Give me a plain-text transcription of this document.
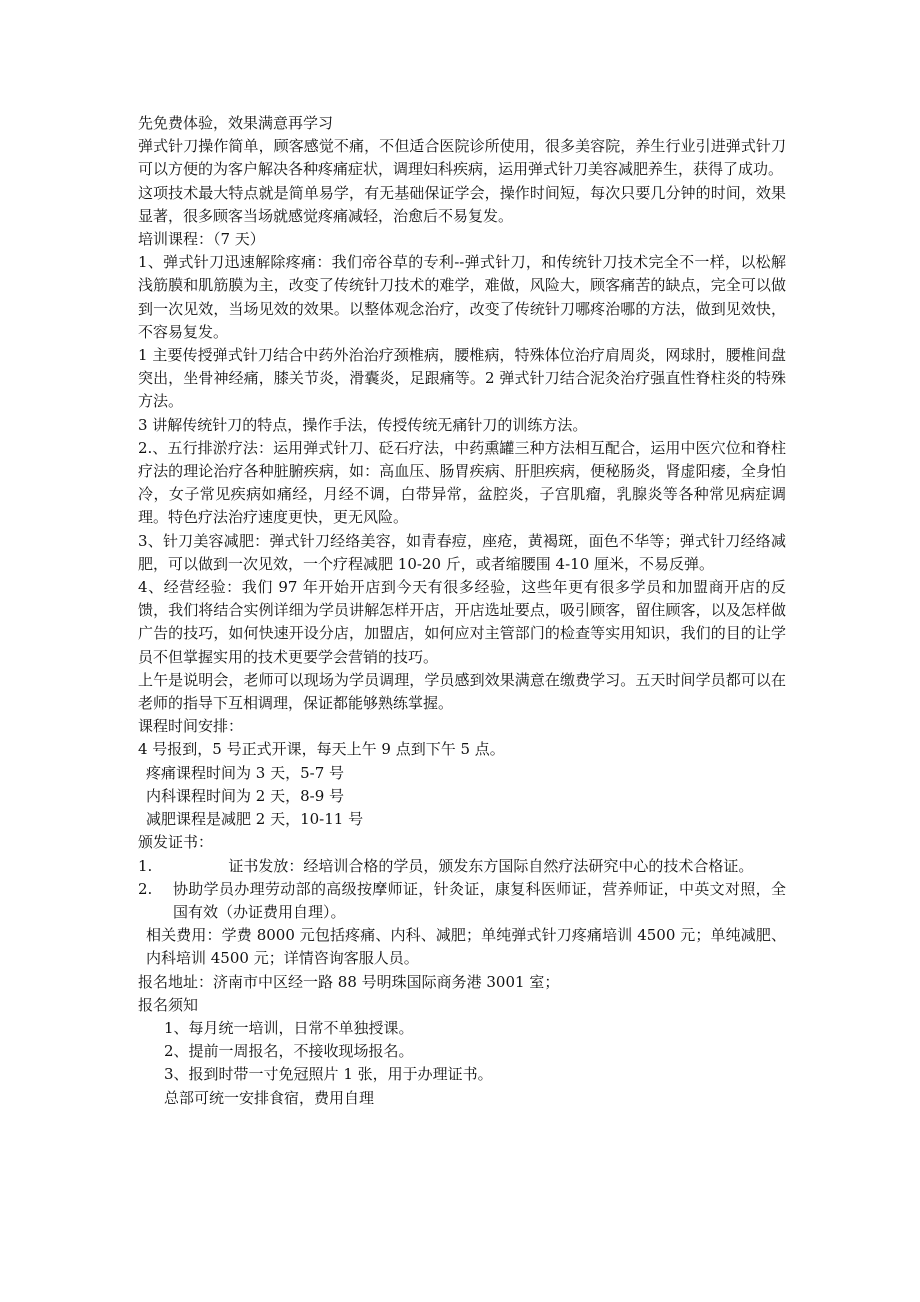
先免费体验，效果满意再学习

弹式针刀操作简单，顾客感觉不痛，不但适合医院诊所使用，很多美容院，养生行业引进弹式针刀可以方便的为客户解决各种疼痛症状，调理妇科疾病，运用弹式针刀美容减肥养生，获得了成功。

这项技术最大特点就是简单易学，有无基础保证学会，操作时间短，每次只要几分钟的时间，效果显著，很多顾客当场就感觉疼痛减轻，治愈后不易复发。

培训课程：（7 天）

1、弹式针刀迅速解除疼痛：我们帝谷草的专利--弹式针刀，和传统针刀技术完全不一样，以松解浅筋膜和肌筋膜为主，改变了传统针刀技术的难学，难做，风险大，顾客痛苦的缺点，完全可以做到一次见效，当场见效的效果。以整体观念治疗，改变了传统针刀哪疼治哪的方法，做到见效快，不容易复发。

1 主要传授弹式针刀结合中药外治治疗颈椎病，腰椎病，特殊体位治疗肩周炎，网球肘，腰椎间盘突出，坐骨神经痛，膝关节炎，滑囊炎，足跟痛等。2 弹式针刀结合泥灸治疗强直性脊柱炎的特殊方法。

3 讲解传统针刀的特点，操作手法，传授传统无痛针刀的训练方法。

2.、五行排淤疗法：运用弹式针刀、砭石疗法，中药熏罐三种方法相互配合，运用中医穴位和脊柱疗法的理论治疗各种脏腑疾病，如：高血压、肠胃疾病、肝胆疾病，便秘肠炎，肾虚阳痿，全身怕冷，女子常见疾病如痛经，月经不调，白带异常，盆腔炎，子宫肌瘤，乳腺炎等各种常见病症调理。特色疗法治疗速度更快，更无风险。

3、针刀美容减肥：弹式针刀经络美容，如青春痘，座疮，黄褐斑，面色不华等；弹式针刀经络减肥，可以做到一次见效，一个疗程减肥 10-20 斤，或者缩腰围 4-10 厘米，不易反弹。

4、经营经验：我们 97 年开始开店到今天有很多经验，这些年更有很多学员和加盟商开店的反馈，我们将结合实例详细为学员讲解怎样开店，开店选址要点，吸引顾客，留住顾客，以及怎样做广告的技巧，如何快速开设分店，加盟店，如何应对主管部门的检查等实用知识，我们的目的让学员不但掌握实用的技术更要学会营销的技巧。

上午是说明会，老师可以现场为学员调理，学员感到效果满意在缴费学习。五天时间学员都可以在老师的指导下互相调理，保证都能够熟练掌握。

课程时间安排：

4 号报到，5 号正式开课，每天上午 9 点到下午 5 点。

疼痛课程时间为 3 天，5-7 号

内科课程时间为 2 天，8-9 号

减肥课程是减肥 2 天，10-11 号

颁发证书：

1.	证书发放：经培训合格的学员，颁发东方国际自然疗法研究中心的技术合格证。
2. 协助学员办理劳动部的高级按摩师证，针灸证，康复科医师证，营养师证，中英文对照，全国有效（办证费用自理）。

相关费用：学费 8000 元包括疼痛、内科、减肥；单纯弹式针刀疼痛培训 4500 元；单纯减肥、内科培训 4500 元；详情咨询客服人员。

报名地址：济南市中区经一路 88 号明珠国际商务港 3001 室；

报名须知

1、每月统一培训，日常不单独授课。

2、提前一周报名，不接收现场报名。

3、报到时带一寸免冠照片 1 张，用于办理证书。

总部可统一安排食宿，费用自理
